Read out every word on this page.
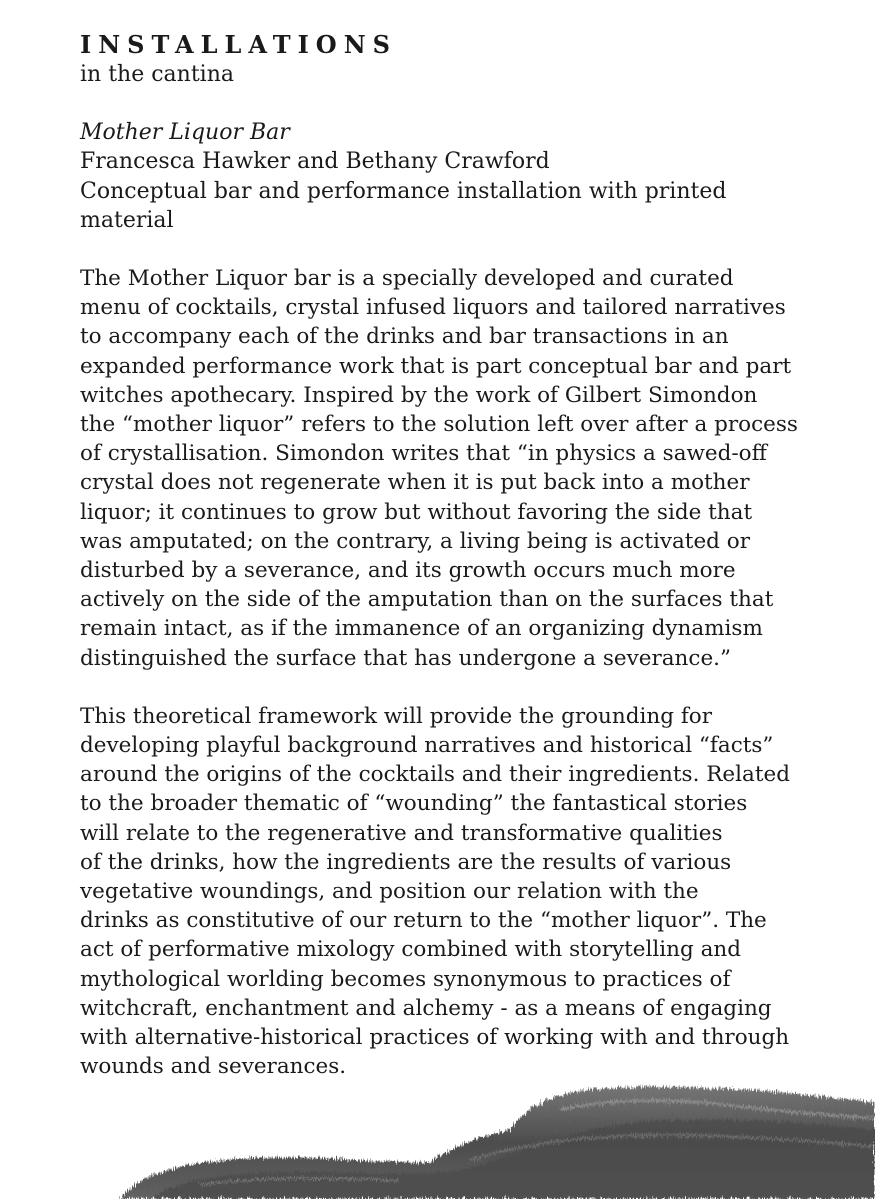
INSTALLATIONS

in the cantina

Mother Liquor Bar
Francesca Hawker and Bethany Crawford
Conceptual bar and performance installation with printed
material

The Mother Liquor bar is a specially developed and curated
menu of cocktails, crystal infused liquors and tailored narratives
to accompany each of the drinks and bar transactions in an
expanded performance work that is part conceptual bar and part
witches apothecary. Inspired by the work of Gilbert Simondon
the “mother liquor” refers to the solution left over after a process
of crystallisation. Simondon writes that “in physics a sawed-off
crystal does not regenerate when it is put back into a mother
liquor; it continues to grow but without favoring the side that
was amputated; on the contrary, a living being is activated or
disturbed by a severance, and its growth occurs much more
actively on the side of the amputation than on the surfaces that
remain intact, as if the immanence of an organizing dynamism
distinguished the surface that has undergone a severance.”

This theoretical framework will provide the grounding for
developing playful background narratives and historical “facts”
around the origins of the cocktails and their ingredients. Related
to the broader thematic of “wounding” the fantastical stories
will relate to the regenerative and transformative qualities
of the drinks, how the ingredients are the results of various
vegetative woundings, and position our relation with the
drinks as constitutive of our return to the “mother liquor”. The
act of performative mixology combined with storytelling and
mythological worlding becomes synonymous to practices of
witchcraft, enchantment and alchemy - as a means of engaging
with alternative-historical practices of working with and through
wounds and severances.
